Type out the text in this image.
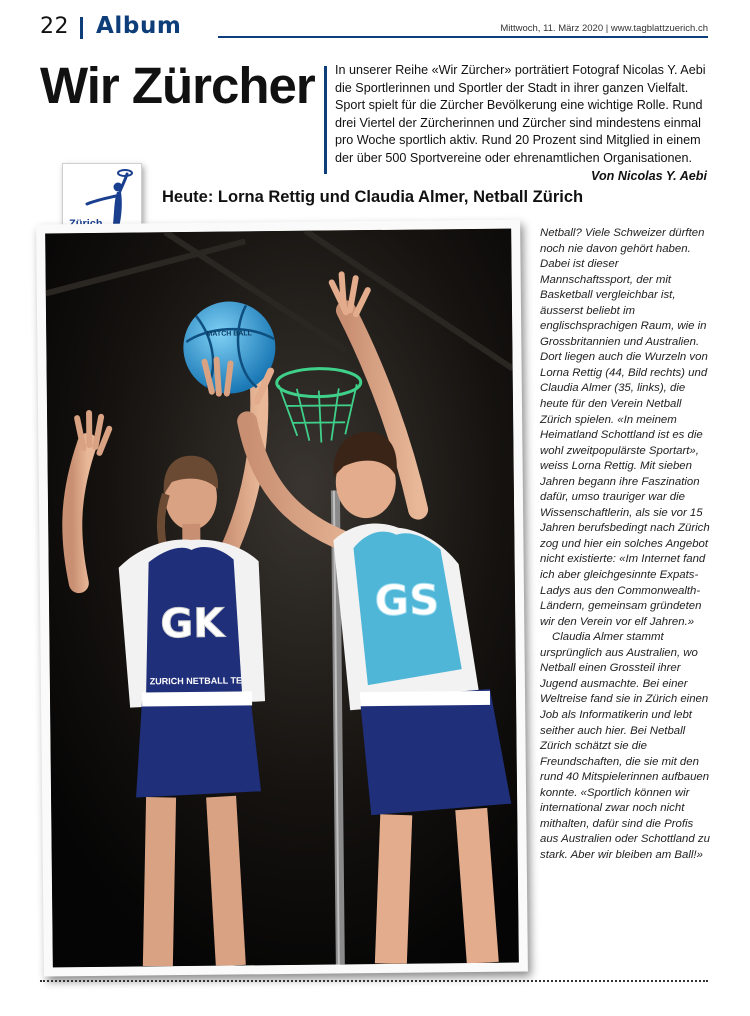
22 Album	Mittwoch, 11. März 2020 | www.tagblattzuerich.ch
Wir Zürcher In unserer Reihe «Wir Zürcher» porträtiert Fotograf Nicolas Y. Aebi die Sportlerinnen und Sportler der Stadt in ihrer ganzen Vielfalt. Sport spielt für die Zürcher Bevölkerung eine wichtige Rolle. Rund drei Viertel der Zürcherinnen und Zürcher sind mindestens einmal pro Woche sportlich aktiv. Rund 20 Prozent sind Mitglied in einem der über 500 Sportvereine oder ehrenamtlichen Organisationen.
Von Nicolas Y. Aebi
Heute: Lorna Rettig und Claudia Almer, Netball Zürich
GK
ZURICH NETBALL TE
GS
MATCH BALL

Netball? Viele Schweizer dürften noch nie davon gehört haben. Dabei ist dieser Mannschaftssport, der mit Basketball vergleichbar ist, äusserst beliebt im englischsprachigen Raum, wie in Grossbritannien und Australien. Dort liegen auch die Wurzeln von Lorna Rettig (44, Bild rechts) und Claudia Almer (35, links), die heute für den Verein Netball Zürich spielen. «In meinem Heimatland Schottland ist es die wohl zweitpopulärste Sportart», weiss Lorna Rettig. Mit sieben Jahren begann ihre Faszination dafür, umso trauriger war die Wissenschaftlerin, als sie vor 15 Jahren berufsbedingt nach Zürich zog und hier ein solches Angebot nicht existierte: «Im Internet fand ich aber gleichgesinnte Expats-Ladys aus den Commonwealth-Ländern, gemeinsam gründeten wir den Verein vor elf Jahren.»

Claudia Almer stammt ursprünglich aus Australien, wo Netball einen Grossteil ihrer Jugend ausmachte. Bei einer Weltreise fand sie in Zürich einen Job als Informatikerin und lebt seither auch hier. Bei Netball Zürich schätzt sie die Freundschaften, die sie mit den rund 40 Mitspielerinnen aufbauen konnte. «Sportlich können wir international zwar noch nicht mithalten, dafür sind die Profis aus Australien oder Schottland zu stark. Aber wir bleiben am Ball!»
